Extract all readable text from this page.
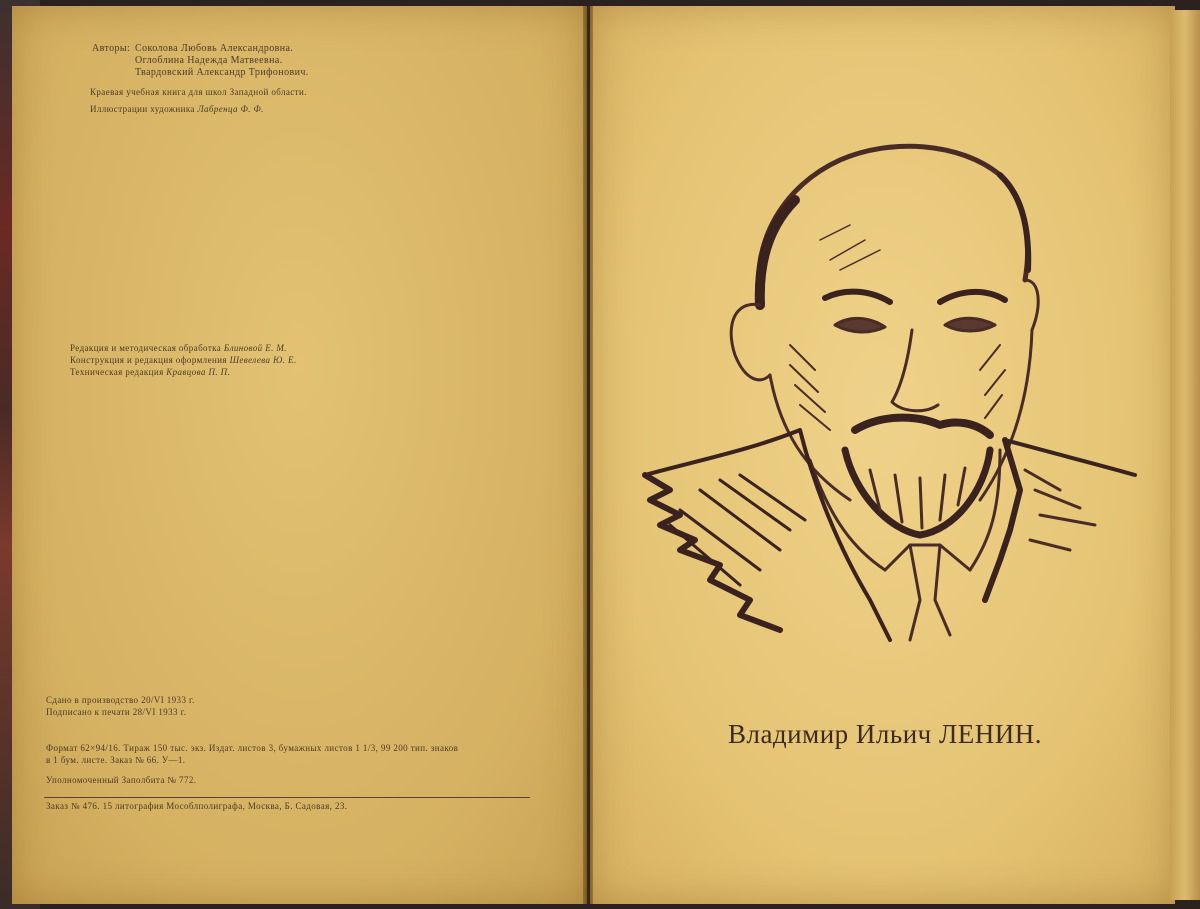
Авторы: Соколова Любовь Александровна.
Оглоблина Надежда Матвеевна.
Твардовский Александр Трифонович.
Краевая учебная книга для школ Западной области.
Иллюстрации художника Лабренца Ф. Ф.
Редакция и методическая обработка Блиновой Е. М.
Конструкция и редакция оформления Шевелева Ю. Е.
Техническая редакция Кравцова П. П.
Сдано в производство 20/VI 1933 г.
Подписано к печати 28/VI 1933 г.
Формат 62×94/16. Тираж 150 тыс. экз. Издат. листов 3, бумажных листов 1 1/3, 99 200 тип. знаков
в 1 бум. листе. Заказ № 66. У—1.
Уполномоченный Заполбита № 772.
Заказ № 476. 15 литография Мособлполиграфа, Москва, Б. Садовая, 23.
Владимир Ильич ЛЕНИН.
